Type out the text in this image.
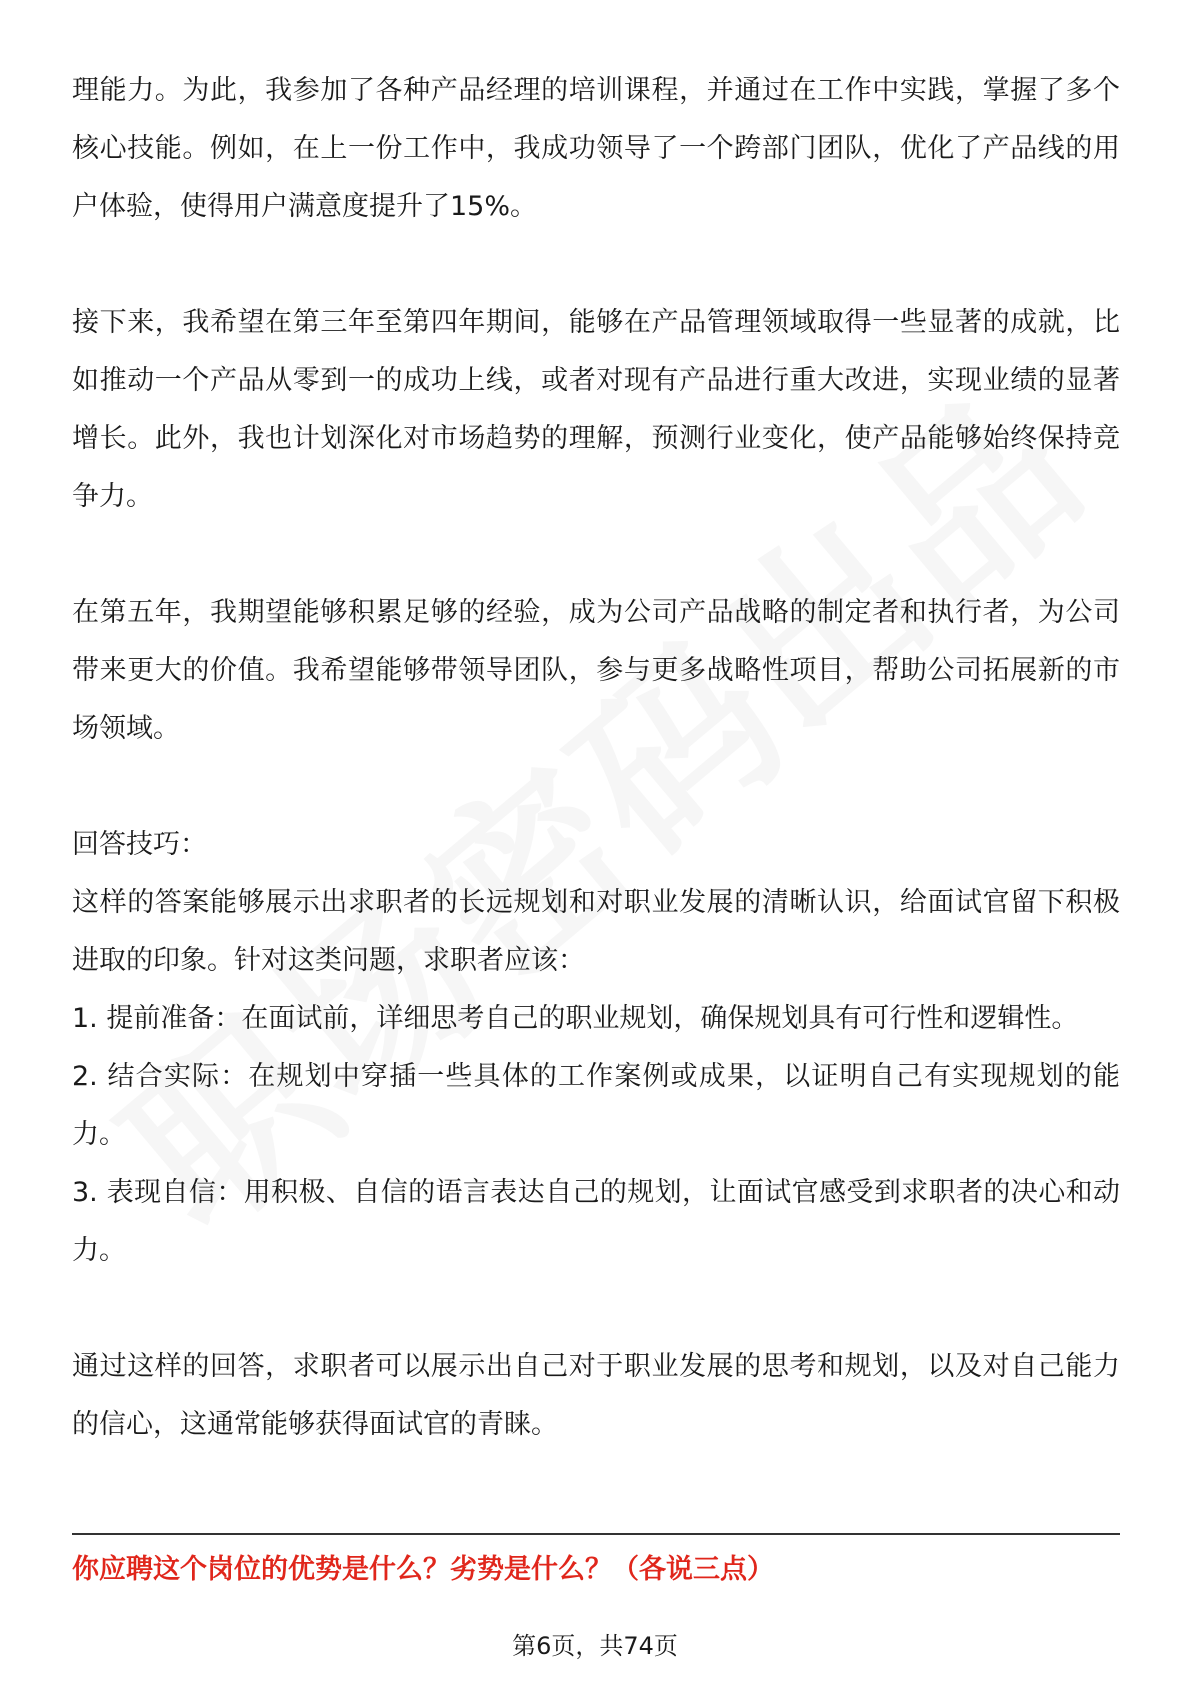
理能力。为此，我参加了各种产品经理的培训课程，并通过在工作中实践，掌握了多个核心技能。例如，在上一份工作中，我成功领导了一个跨部门团队，优化了产品线的用户体验，使得用户满意度提升了15%。

接下来，我希望在第三年至第四年期间，能够在产品管理领域取得一些显著的成就，比如推动一个产品从零到一的成功上线，或者对现有产品进行重大改进，实现业绩的显著增长。此外，我也计划深化对市场趋势的理解，预测行业变化，使产品能够始终保持竞争力。

在第五年，我期望能够积累足够的经验，成为公司产品战略的制定者和执行者，为公司带来更大的价值。我希望能够带领导团队，参与更多战略性项目，帮助公司拓展新的市场领域。

回答技巧：

这样的答案能够展示出求职者的长远规划和对职业发展的清晰认识，给面试官留下积极进取的印象。针对这类问题，求职者应该：

1. 提前准备：在面试前，详细思考自己的职业规划，确保规划具有可行性和逻辑性。

2. 结合实际：在规划中穿插一些具体的工作案例或成果，以证明自己有实现规划的能力。

3. 表现自信：用积极、自信的语言表达自己的规划，让面试官感受到求职者的决心和动力。

通过这样的回答，求职者可以展示出自己对于职业发展的思考和规划，以及对自己能力的信心，这通常能够获得面试官的青睐。

你应聘这个岗位的优势是什么？劣势是什么？（各说三点）
第6页，共74页
